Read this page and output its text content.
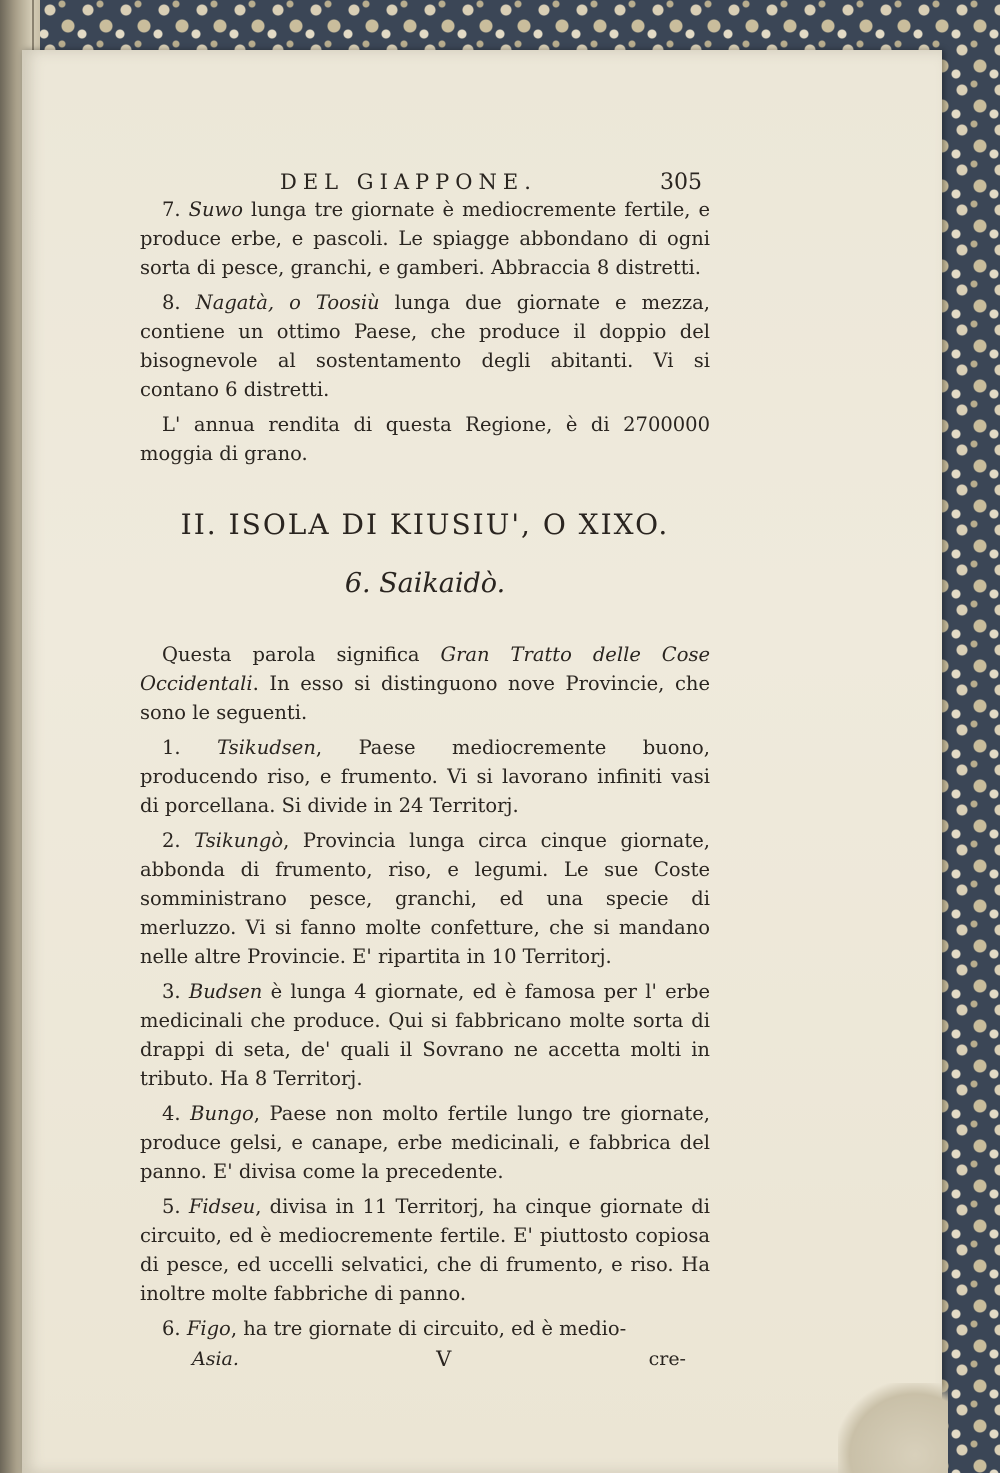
DEL GIAPPONE.	305

7. Suwo lunga tre giornate è mediocremente fertile, e produce erbe, e pascoli. Le spiagge abbondano di ogni sorta di pesce, granchi, e gamberi. Abbraccia 8 distretti.

8. Nagatà, o Toosiù lunga due giornate e mezza, contiene un ottimo Paese, che produce il doppio del bisognevole al sostentamento degli abitanti. Vi si contano 6 distretti.

L' annua rendita di questa Regione, è di 2700000 moggia di grano.

II. ISOLA DI KIUSIU', O XIXO.
6. Saikaidò.

Questa parola significa Gran Tratto delle Cose Occidentali. In esso si distinguono nove Provincie, che sono le seguenti.

1. Tsikudsen, Paese mediocremente buono, producendo riso, e frumento. Vi si lavorano infiniti vasi di porcellana. Si divide in 24 Territorj.

2. Tsikungò, Provincia lunga circa cinque giornate, abbonda di frumento, riso, e legumi. Le sue Coste somministrano pesce, granchi, ed una specie di merluzzo. Vi si fanno molte confetture, che si mandano nelle altre Provincie. E' ripartita in 10 Territorj.

3. Budsen è lunga 4 giornate, ed è famosa per l' erbe medicinali che produce. Qui si fabbricano molte sorta di drappi di seta, de' quali il Sovrano ne accetta molti in tributo. Ha 8 Territorj.

4. Bungo, Paese non molto fertile lungo tre giornate, produce gelsi, e canape, erbe medicinali, e fabbrica del panno. E' divisa come la precedente.

5. Fidseu, divisa in 11 Territorj, ha cinque giornate di circuito, ed è mediocremente fertile. E' piuttosto copiosa di pesce, ed uccelli selvatici, che di frumento, e riso. Ha inoltre molte fabbriche di panno.

6. Figo, ha tre giornate di circuito, ed è medio-

Asia.	V	cre-
